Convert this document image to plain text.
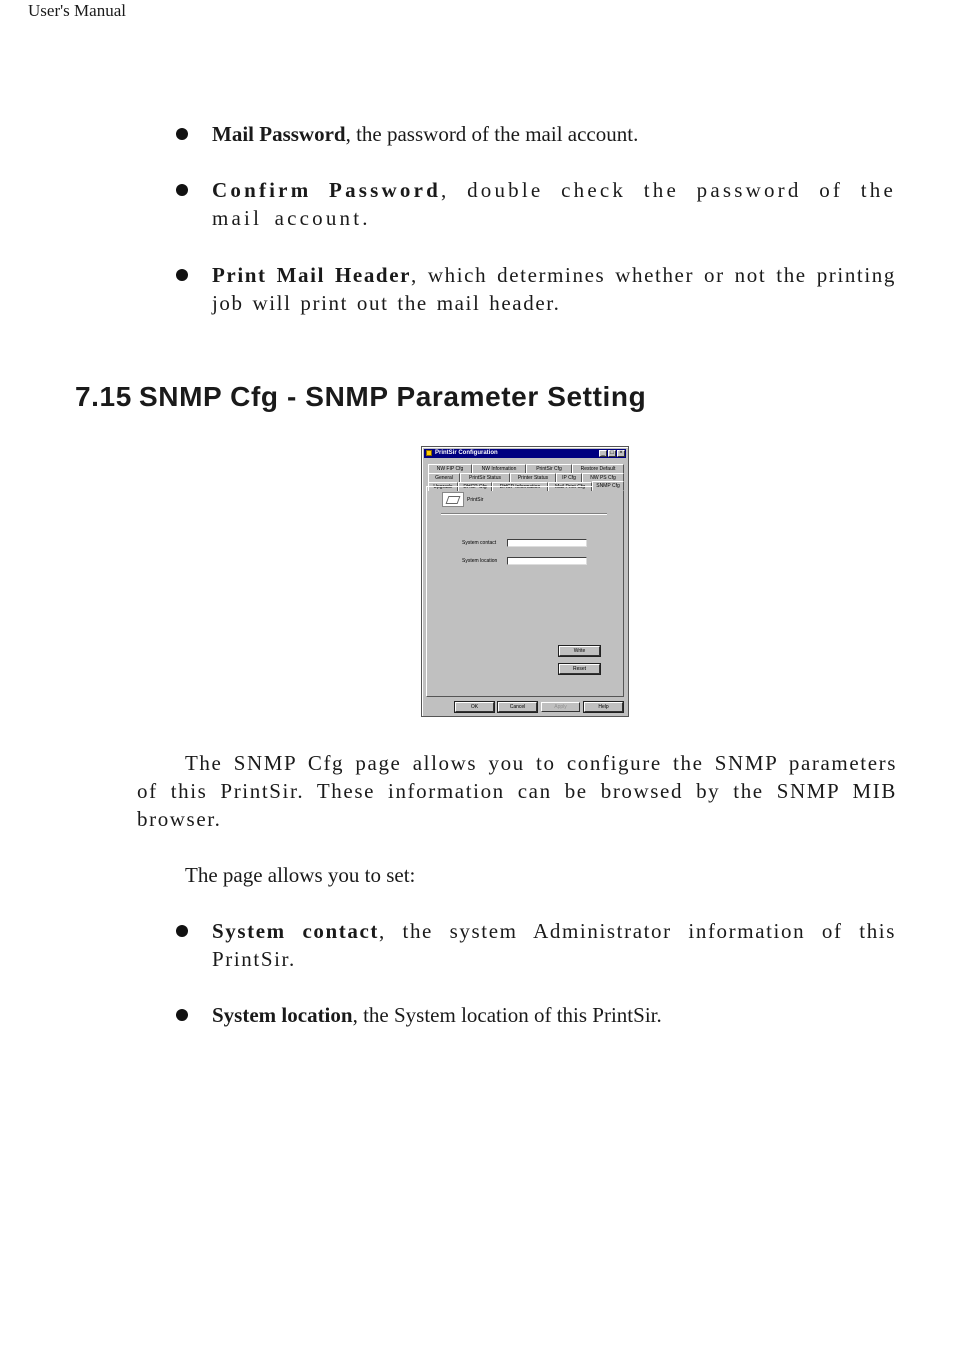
User's Manual
Mail Password, the password of the mail account.
Confirm Password, double check the password of the mail account.
Print Mail Header, which determines whether or not the printing job will print out the mail header.
7.15 SNMP Cfg - SNMP Parameter Setting
PrintSir Configuration	_ □ ×
NW FIP Cfg	NW Information	PrintSir Cfg	Restore Default
General	PrintSir Status	Printer Status	IP Cfg	NW PS Cfg
Upgrade	DHCP Cfg	DHCP Information	Mail Print Cfg	SNMP Cfg
PrintSir
System contact
System location
Write
Reset
OK	Cancel	Apply	Help
The SNMP Cfg page allows you to configure the SNMP parameters of this PrintSir. These information can be browsed by the SNMP MIB browser.
The page allows you to set:
System contact, the system Administrator information of this PrintSir.
System location, the System location of this PrintSir.
